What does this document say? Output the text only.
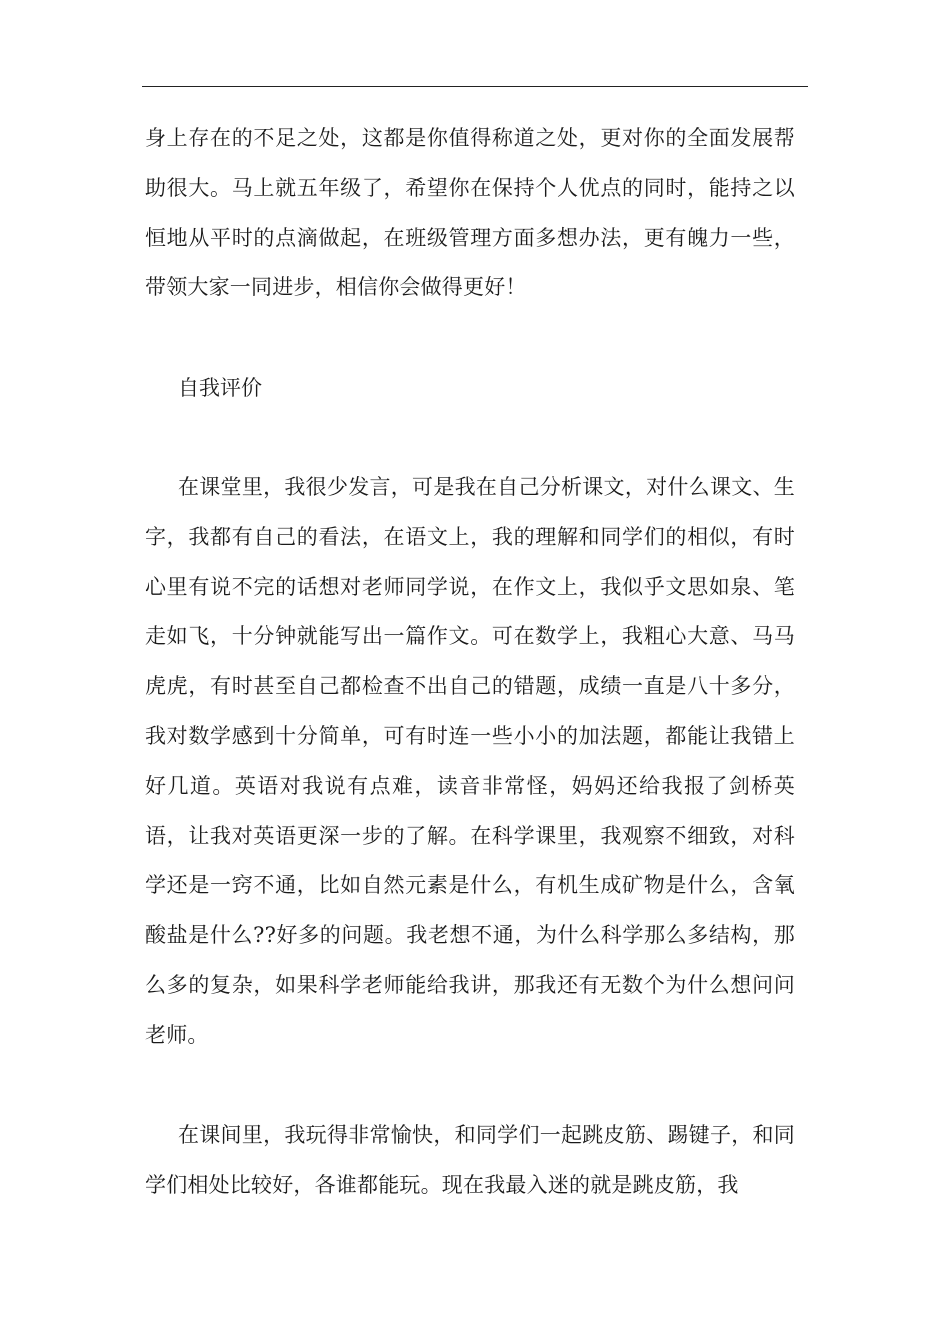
身上存在的不足之处，这都是你值得称道之处，更对你的全面发展帮助很大。马上就五年级了，希望你在保持个人优点的同时，能持之以恒地从平时的点滴做起，在班级管理方面多想办法，更有魄力一些，带领大家一同进步，相信你会做得更好！

自我评价

在课堂里，我很少发言，可是我在自己分析课文，对什么课文、生字，我都有自己的看法，在语文上，我的理解和同学们的相似，有时心里有说不完的话想对老师同学说，在作文上，我似乎文思如泉、笔走如飞，十分钟就能写出一篇作文。可在数学上，我粗心大意、马马虎虎，有时甚至自己都检查不出自己的错题，成绩一直是八十多分，我对数学感到十分简单，可有时连一些小小的加法题，都能让我错上好几道。英语对我说有点难，读音非常怪，妈妈还给我报了剑桥英语，让我对英语更深一步的了解。在科学课里，我观察不细致，对科学还是一窍不通，比如自然元素是什么，有机生成矿物是什么，含氧酸盐是什么??好多的问题。我老想不通，为什么科学那么多结构，那么多的复杂，如果科学老师能给我讲，那我还有无数个为什么想问问老师。

在课间里，我玩得非常愉快，和同学们一起跳皮筋、踢键子，和同学们相处比较好，各谁都能玩。现在我最入迷的就是跳皮筋，我
